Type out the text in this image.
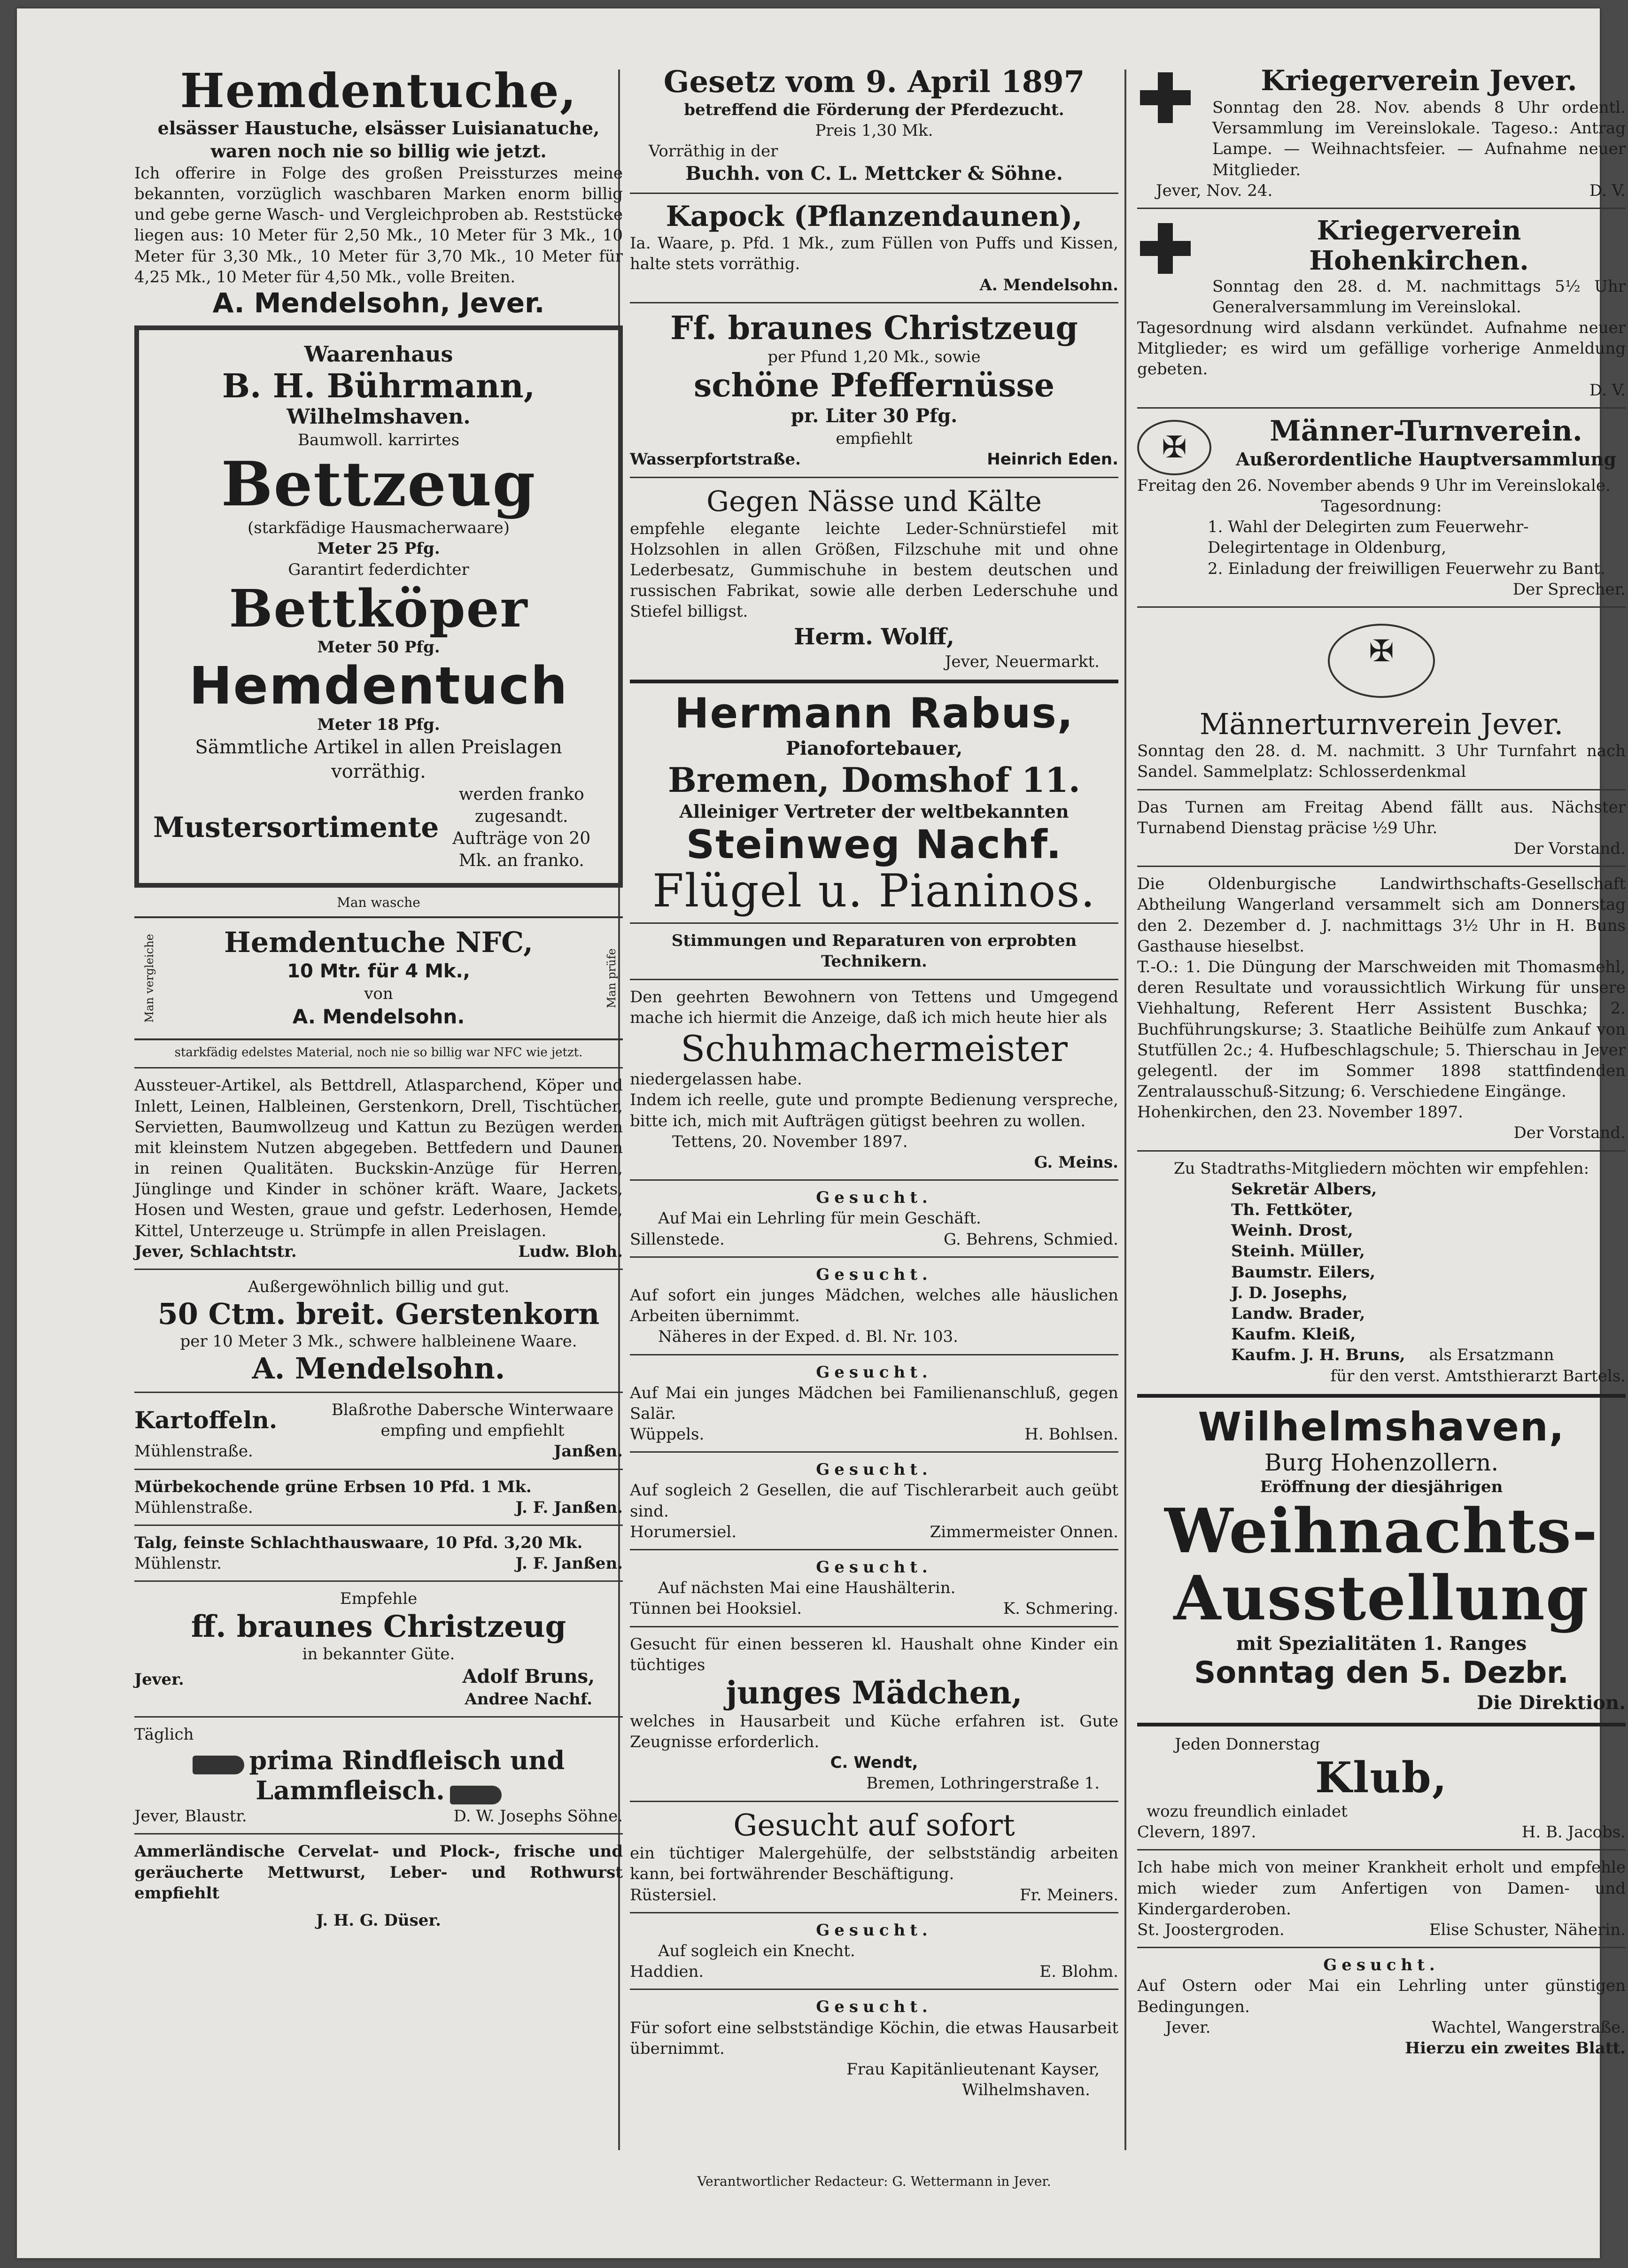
Hemdentuche,

elsässer Haustuche, elsässer Luisianatuche,

waren noch nie so billig wie jetzt.

Ich offerire in Folge des großen Preissturzes meine bekannten, vorzüglich waschbaren Marken enorm billig und gebe gerne Wasch- und Vergleichproben ab. Reststücke liegen aus: 10 Meter für 2,50 Mk., 10 Meter für 3 Mk., 10 Meter für 3,30 Mk., 10 Meter für 3,70 Mk., 10 Meter für 4,25 Mk., 10 Meter für 4,50 Mk., volle Breiten.

A. Mendelsohn, Jever.

Waarenhaus

B. H. Bührmann,

Wilhelmshaven.

Baumwoll. karrirtes

Bettzeug

(starkfädige Hausmacherwaare)

Meter 25 Pfg.

Garantirt federdichter

Bettköper

Meter 50 Pfg.

Hemdentuch

Meter 18 Pfg.

Sämmtliche Artikel in allen Preislagen vorräthig.

Mustersortimente
werden franko zugesandt. Aufträge von 20 Mk. an franko.

Man wasche

Man vergleiche	Man prüfe

Hemdentuche NFC,

10 Mtr. für 4 Mk.,

von

A. Mendelsohn.

starkfädig edelstes Material, noch nie so billig war NFC wie jetzt.

Aussteuer-Artikel, als Bettdrell, Atlasparchend, Köper und Inlett, Leinen, Halbleinen, Gerstenkorn, Drell, Tischtücher, Servietten, Baumwollzeug und Kattun zu Bezügen werden mit kleinstem Nutzen abgegeben. Bettfedern und Daunen in reinen Qualitäten. Buckskin-Anzüge für Herren, Jünglinge und Kinder in schöner kräft. Waare, Jackets, Hosen und Westen, graue und gefstr. Lederhosen, Hemde, Kittel, Unterzeuge u. Strümpfe in allen Preislagen.

Jever, Schlachtstr.	Ludw. Bloh.

Außergewöhnlich billig und gut.

50 Ctm. breit. Gerstenkorn

per 10 Meter 3 Mk., schwere halbleinene Waare.

A. Mendelsohn.

Kartoffeln.	Blaßrothe Dabersche Winterwaare empfing und empfiehlt
Mühlenstraße.	Janßen.

Mürbekochende grüne Erbsen 10 Pfd. 1 Mk.

Mühlenstraße.	J. F. Janßen.

Talg, feinste Schlachthauswaare, 10 Pfd. 3,20 Mk.

Mühlenstr.	J. F. Janßen.

Empfehle

ff. braunes Christzeug

in bekannter Güte.

Jever.	Adolf Bruns,
Andree Nachf.

Täglich

prima Rindfleisch und
Lammfleisch.
Jever, Blaustr.	D. W. Josephs Söhne.

Ammerländische Cervelat- und Plock-, frische und geräucherte Mettwurst, Leber- und Rothwurst empfiehlt

J. H. G. Düser.

Gesetz vom 9. April 1897

betreffend die Förderung der Pferdezucht.

Preis 1,30 Mk.

Vorräthig in der

Buchh. von C. L. Mettcker & Söhne.

Kapock (Pflanzendaunen),

Ia. Waare, p. Pfd. 1 Mk., zum Füllen von Puffs und Kissen, halte stets vorräthig.

A. Mendelsohn.

Ff. braunes Christzeug

per Pfund 1,20 Mk., sowie

schöne Pfeffernüsse

pr. Liter 30 Pfg.

empfiehlt

Wasserpfortstraße.	Heinrich Eden.

Gegen Nässe und Kälte

empfehle elegante leichte Leder-Schnürstiefel mit Holzsohlen in allen Größen, Filzschuhe mit und ohne Lederbesatz, Gummischuhe in bestem deutschen und russischen Fabrikat, sowie alle derben Lederschuhe und Stiefel billigst.

Herm. Wolff,

Jever, Neuermarkt.

Hermann Rabus,

Pianofortebauer,

Bremen, Domshof 11.

Alleiniger Vertreter der weltbekannten

Steinweg Nachf.

Flügel u. Pianinos.

Stimmungen und Reparaturen von erprobten Technikern.

Den geehrten Bewohnern von Tettens und Umgegend mache ich hiermit die Anzeige, daß ich mich heute hier als

Schuhmachermeister

niedergelassen habe.

Indem ich reelle, gute und prompte Bedienung verspreche, bitte ich, mich mit Aufträgen gütigst beehren zu wollen.

Tettens, 20. November 1897.

G. Meins.

Gesucht.

Auf Mai ein Lehrling für mein Geschäft.

Sillenstede.	G. Behrens, Schmied.

Gesucht.

Auf sofort ein junges Mädchen, welches alle häuslichen Arbeiten übernimmt.

Näheres in der Exped. d. Bl. Nr. 103.

Gesucht.

Auf Mai ein junges Mädchen bei Familienanschluß, gegen Salär.

Wüppels.	H. Bohlsen.

Gesucht.

Auf sogleich 2 Gesellen, die auf Tischlerarbeit auch geübt sind.

Horumersiel.	Zimmermeister Onnen.

Gesucht.

Auf nächsten Mai eine Haushälterin.

Tünnen bei Hooksiel.	K. Schmering.

Gesucht für einen besseren kl. Haushalt ohne Kinder ein tüchtiges

junges Mädchen,

welches in Hausarbeit und Küche erfahren ist. Gute Zeugnisse erforderlich.

C. Wendt,

Bremen, Lothringerstraße 1.

Gesucht auf sofort

ein tüchtiger Malergehülfe, der selbstständig arbeiten kann, bei fortwährender Beschäftigung.

Rüstersiel.	Fr. Meiners.

Gesucht.

Auf sogleich ein Knecht.

Haddien.	E. Blohm.

Gesucht.

Für sofort eine selbstständige Köchin, die etwas Hausarbeit übernimmt.

Frau Kapitänlieutenant Kayser,

Wilhelmshaven.

Kriegerverein Jever.
Sonntag den 28. Nov. abends 8 Uhr ordentl. Versammlung im Vereinslokale. Tageso.: Antrag Lampe. — Weihnachtsfeier. — Aufnahme neuer Mitglieder.
Jever, Nov. 24.	D. V.
Kriegerverein Hohenkirchen.
Sonntag den 28. d. M. nachmittags 5½ Uhr Generalversammlung im Vereinslokal.

Tagesordnung wird alsdann verkündet. Aufnahme neuer Mitglieder; es wird um gefällige vorherige Anmeldung gebeten.

D. V.

✠
Männer-Turnverein.
Außerordentliche Hauptversammlung

Freitag den 26. November abends 9 Uhr im Vereinslokale.

Tagesordnung:

1. Wahl der Delegirten zum Feuerwehr-Delegirtentage in Oldenburg,

2. Einladung der freiwilligen Feuerwehr zu Bant.

Der Sprecher.

✠

Männerturnverein Jever.

Sonntag den 28. d. M. nachmitt. 3 Uhr Turnfahrt nach Sandel. Sammelplatz: Schlosserdenkmal

Das Turnen am Freitag Abend fällt aus. Nächster Turnabend Dienstag präcise ½9 Uhr.

Der Vorstand.

Die Oldenburgische Landwirthschafts-Gesellschaft Abtheilung Wangerland versammelt sich am Donnerstag den 2. Dezember d. J. nachmittags 3½ Uhr in H. Buns Gasthause hieselbst.

T.-O.: 1. Die Düngung der Marschweiden mit Thomasmehl, deren Resultate und voraussichtlich Wirkung für unsere Viehhaltung, Referent Herr Assistent Buschka; 2. Buchführungskurse; 3. Staatliche Beihülfe zum Ankauf von Stutfüllen 2c.; 4. Hufbeschlagschule; 5. Thierschau in Jever gelegentl. der im Sommer 1898 stattfindenden Zentralausschuß-Sitzung; 6. Verschiedene Eingänge.

Hohenkirchen, den 23. November 1897.

Der Vorstand.

Zu Stadtraths-Mitgliedern möchten wir empfehlen:

Sekretär Albers,

Th. Fettköter,

Weinh. Drost,

Steinh. Müller,

Baumstr. Eilers,

J. D. Josephs,

Landw. Brader,

Kaufm. Kleiß,

Kaufm. J. H. Bruns, als Ersatzmann

für den verst. Amtsthierarzt Bartels.

Wilhelmshaven,

Burg Hohenzollern.

Eröffnung der diesjährigen

Weihnachts-

Ausstellung

mit Spezialitäten 1. Ranges

Sonntag den 5. Dezbr.

Die Direktion.

Jeden Donnerstag

Klub,

wozu freundlich einladet

Clevern, 1897.	H. B. Jacobs.

Ich habe mich von meiner Krankheit erholt und empfehle mich wieder zum Anfertigen von Damen- und Kindergarderoben.

St. Joostergroden.	Elise Schuster, Näherin.

Gesucht.

Auf Ostern oder Mai ein Lehrling unter günstigen Bedingungen.

Jever.	Wachtel, Wangerstraße.

Hierzu ein zweites Blatt.

Verantwortlicher Redacteur: G. Wettermann in Jever.
